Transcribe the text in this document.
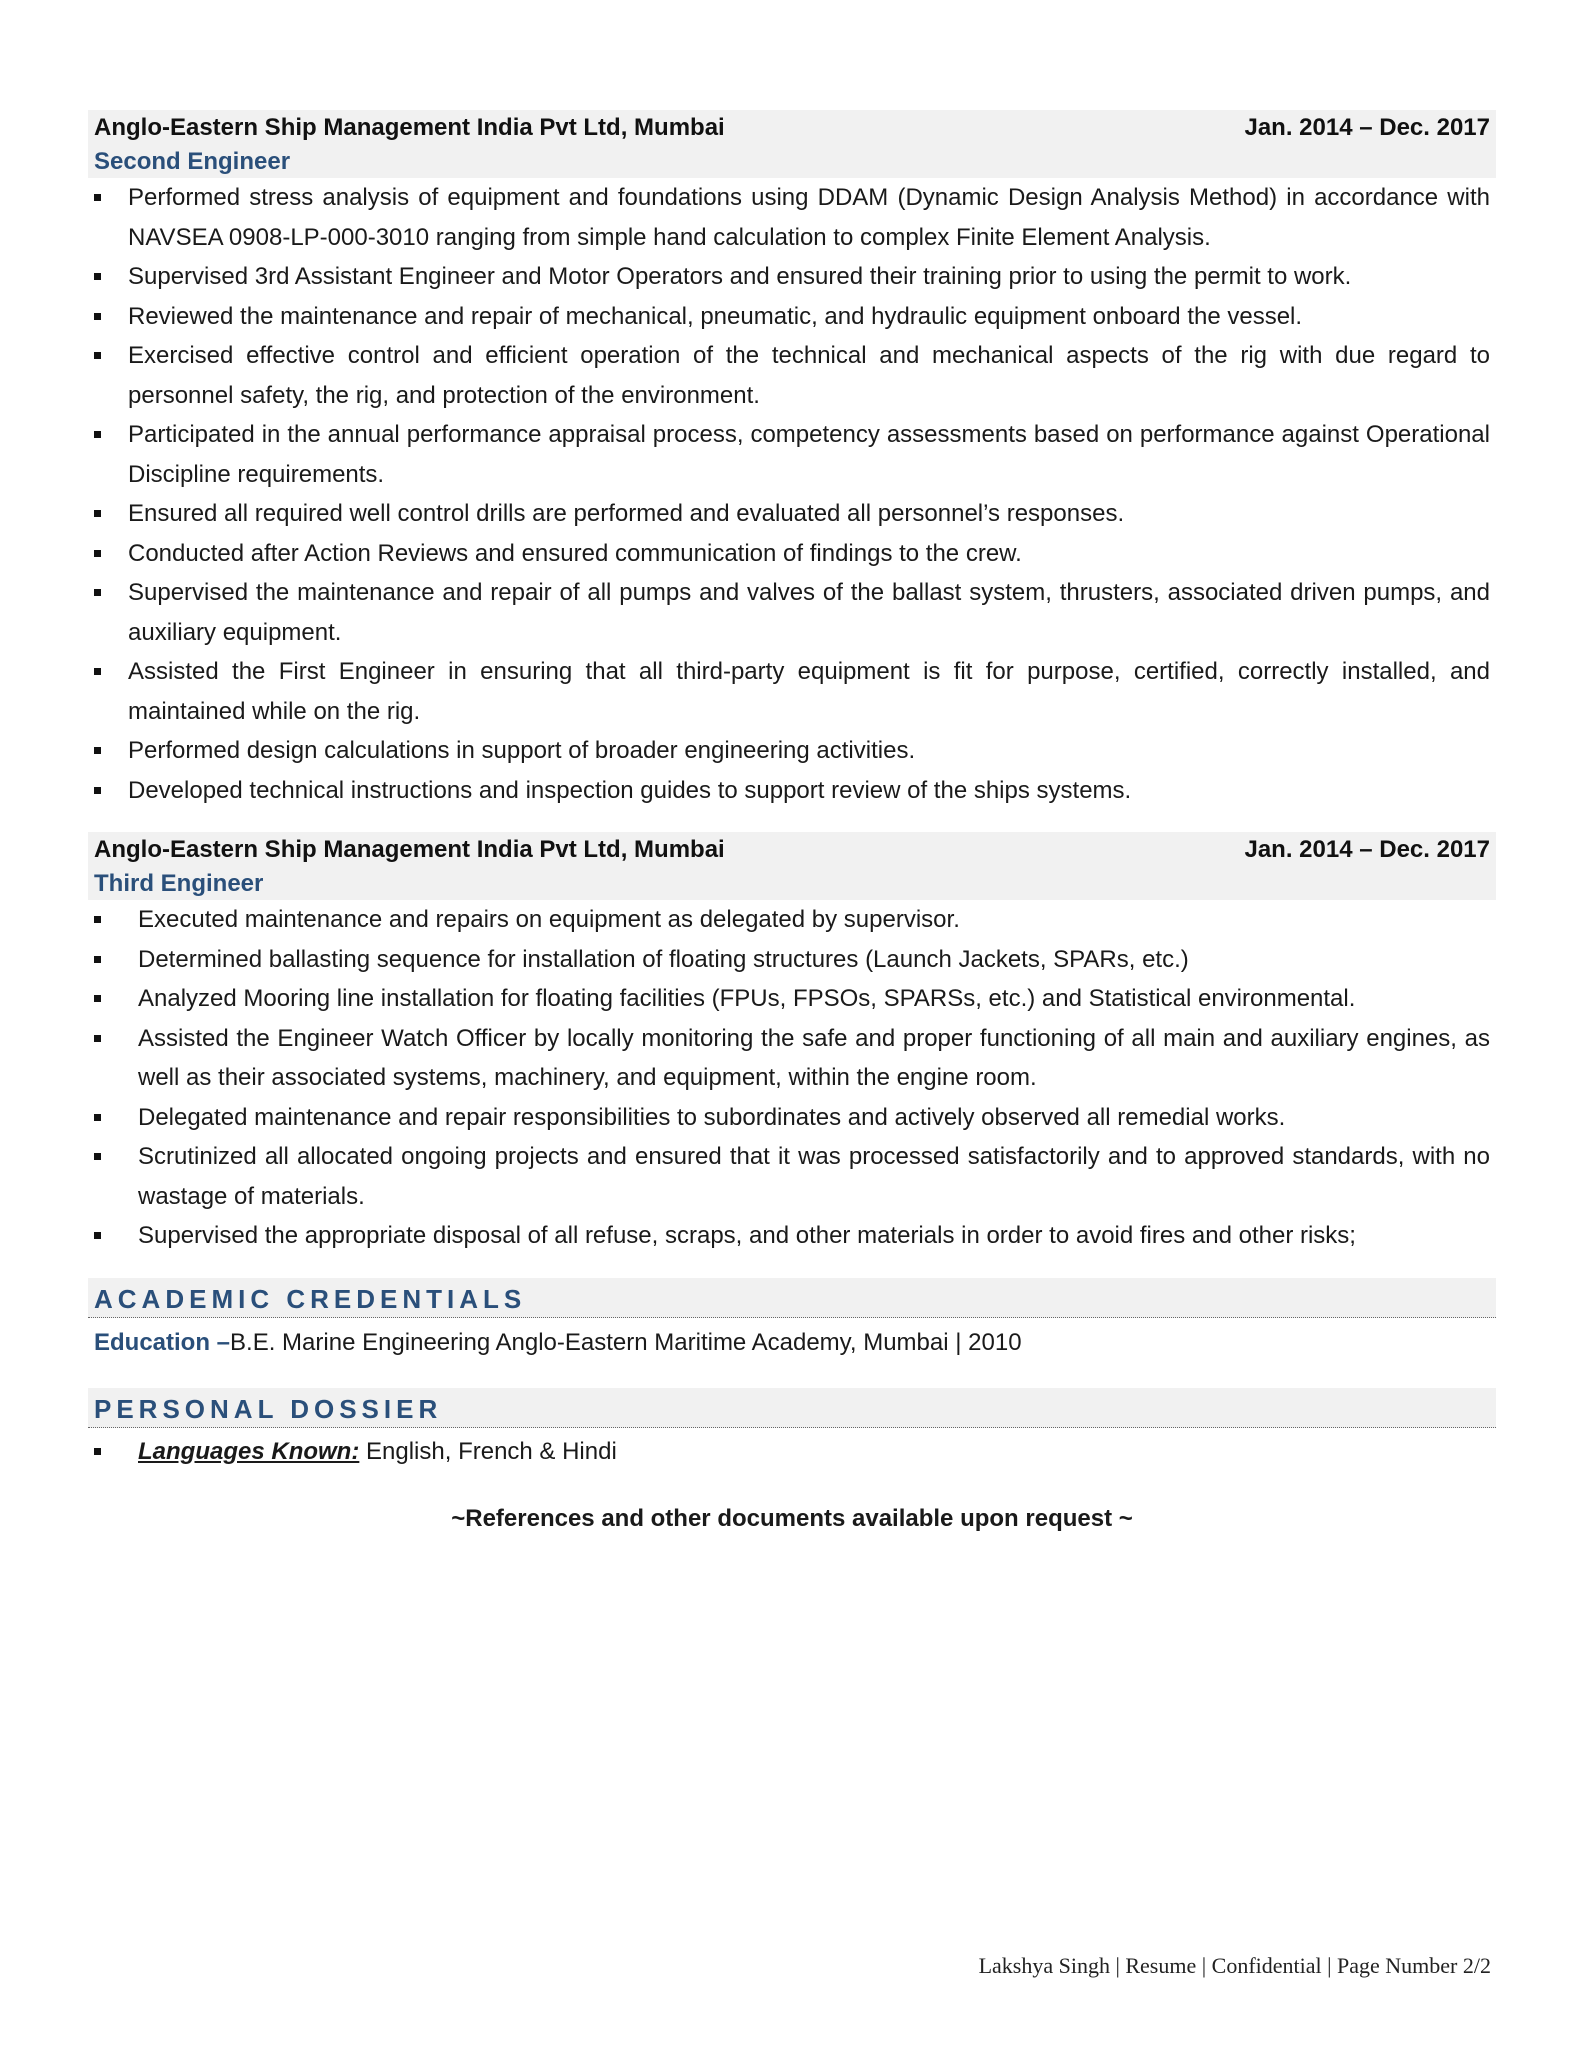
Anglo-Eastern Ship Management India Pvt Ltd, Mumbai	Jan. 2014 – Dec. 2017
Second Engineer
Performed stress analysis of equipment and foundations using DDAM (Dynamic Design Analysis Method) in accordance with NAVSEA 0908-LP-000-3010 ranging from simple hand calculation to complex Finite Element Analysis.
Supervised 3rd Assistant Engineer and Motor Operators and ensured their training prior to using the permit to work.
Reviewed the maintenance and repair of mechanical, pneumatic, and hydraulic equipment onboard the vessel.
Exercised effective control and efficient operation of the technical and mechanical aspects of the rig with due regard to personnel safety, the rig, and protection of the environment.
Participated in the annual performance appraisal process, competency assessments based on performance against Operational Discipline requirements.
Ensured all required well control drills are performed and evaluated all personnel’s responses.
Conducted after Action Reviews and ensured communication of findings to the crew.
Supervised the maintenance and repair of all pumps and valves of the ballast system, thrusters, associated driven pumps, and auxiliary equipment.
Assisted the First Engineer in ensuring that all third-party equipment is fit for purpose, certified, correctly installed, and maintained while on the rig.
Performed design calculations in support of broader engineering activities.
Developed technical instructions and inspection guides to support review of the ships systems.
Anglo-Eastern Ship Management India Pvt Ltd, Mumbai	Jan. 2014 – Dec. 2017
Third Engineer
Executed maintenance and repairs on equipment as delegated by supervisor.
Determined ballasting sequence for installation of floating structures (Launch Jackets, SPARs, etc.)
Analyzed Mooring line installation for floating facilities (FPUs, FPSOs, SPARSs, etc.) and Statistical environmental.
Assisted the Engineer Watch Officer by locally monitoring the safe and proper functioning of all main and auxiliary engines, as well as their associated systems, machinery, and equipment, within the engine room.
Delegated maintenance and repair responsibilities to subordinates and actively observed all remedial works.
Scrutinized all allocated ongoing projects and ensured that it was processed satisfactorily and to approved standards, with no wastage of materials.
Supervised the appropriate disposal of all refuse, scraps, and other materials in order to avoid fires and other risks;
ACADEMIC CREDENTIALS
Education –B.E. Marine Engineering Anglo-Eastern Maritime Academy, Mumbai | 2010
PERSONAL DOSSIER
Languages Known: English, French & Hindi
~References and other documents available upon request ~
Lakshya Singh | Resume | Confidential | Page Number 2/2
